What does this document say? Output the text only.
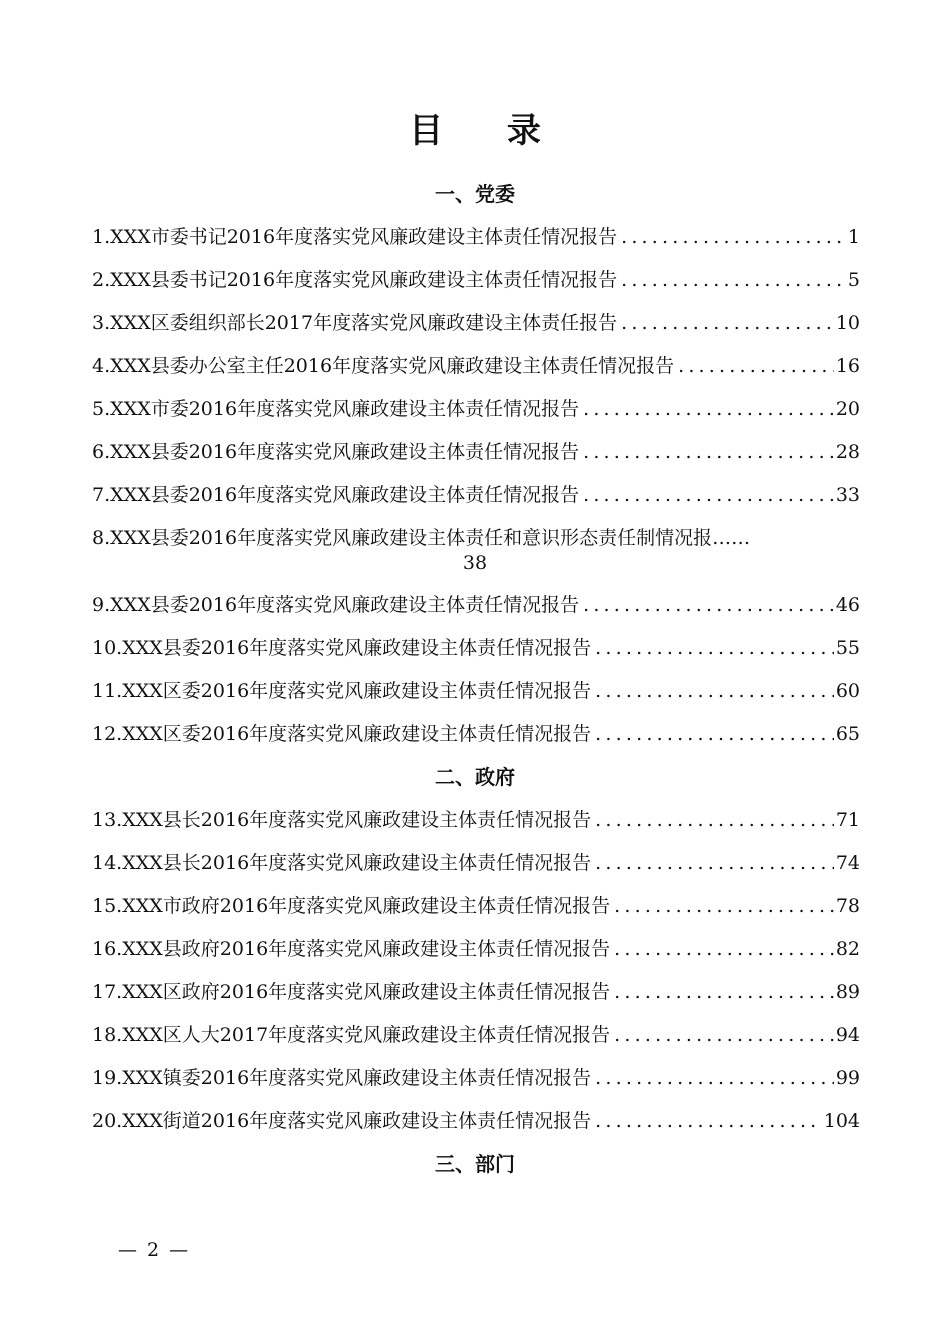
目 录
一、党委
1. XXX市委书记2016年度落实党风廉政建设主体责任情况报告 .....	1
2. XXX县委书记2016年度落实党风廉政建设主体责任情况报告 .....	5
3. XXX区委组织部长2017年度落实党风廉政建设主体责任报告 .....	10
4. XXX县委办公室主任2016年度落实党风廉政建设主体责任情况报告 .....	16
5. XXX市委2016年度落实党风廉政建设主体责任情况报告 .....	20
6. XXX县委2016年度落实党风廉政建设主体责任情况报告 .....	28
7. XXX县委2016年度落实党风廉政建设主体责任情况报告 .....	33
8. XXX县委2016年度落实党风廉政建设主体责任和意识形态责任制情况报 ……
38
9. XXX县委2016年度落实党风廉政建设主体责任情况报告 .....	46
10. XXX县委2016年度落实党风廉政建设主体责任情况报告 .....	55
11. XXX区委2016年度落实党风廉政建设主体责任情况报告 .....	60
12. XXX区委2016年度落实党风廉政建设主体责任情况报告 .....	65
二、政府
13. XXX县长2016年度落实党风廉政建设主体责任情况报告 .....	71
14. XXX县长2016年度落实党风廉政建设主体责任情况报告 .....	74
15. XXX市政府2016年度落实党风廉政建设主体责任情况报告 .....	78
16. XXX县政府2016年度落实党风廉政建设主体责任情况报告 .....	82
17. XXX区政府2016年度落实党风廉政建设主体责任情况报告 .....	89
18. XXX区人大2017年度落实党风廉政建设主体责任情况报告 .....	94
19. XXX镇委2016年度落实党风廉政建设主体责任情况报告 .....	99
20. XXX街道2016年度落实党风廉政建设主体责任情况报告 .....	104
三、部门
— 2 —
